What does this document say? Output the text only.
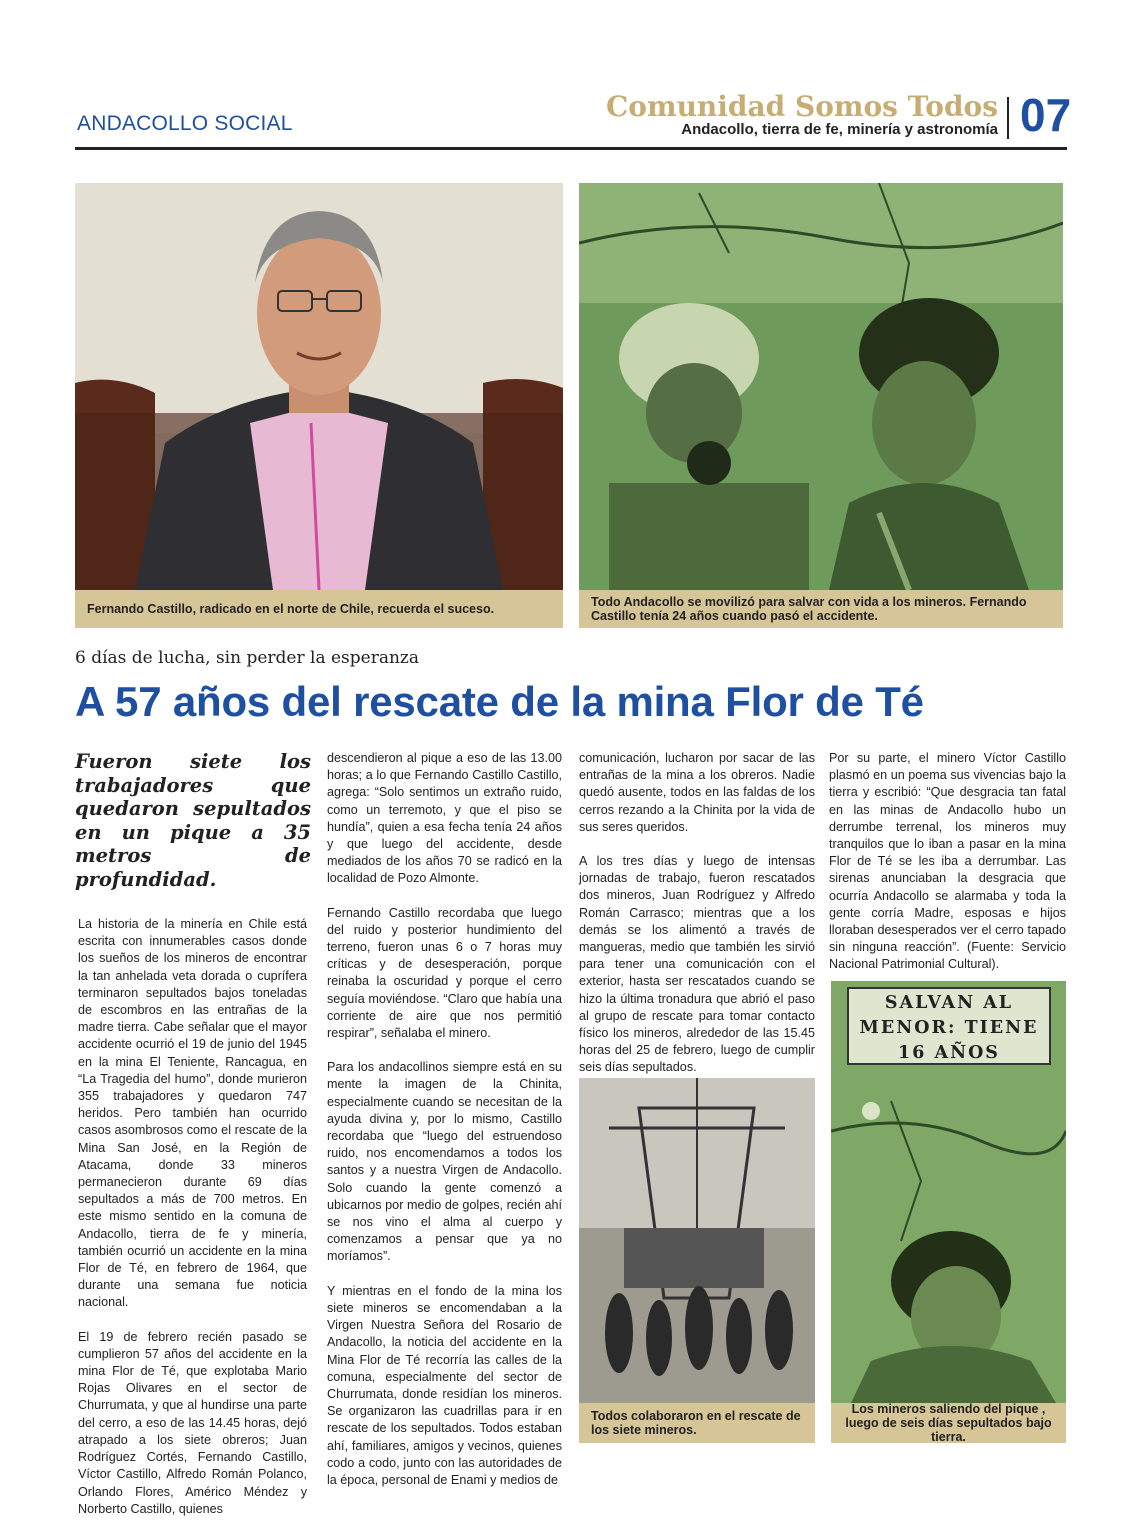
ANDACOLLO SOCIAL
Comunidad Somos Todos
Andacollo, tierra de fe, minería y astronomía 07
Fernando Castillo, radicado en el norte de Chile, recuerda el suceso.	Todo Andacollo se movilizó para salvar con vida a los mineros. Fernando Castillo tenía 24 años cuando pasó el accidente.
6 días de lucha, sin perder la esperanza
A 57 años del rescate de la mina Flor de Té
Fueron siete los trabajadores que quedaron sepultados en un pique a 35 metros de profundidad.

La historia de la minería en Chile está escrita con innumerables casos donde los sueños de los mineros de encontrar la tan anhelada veta dorada o cuprífera terminaron sepultados bajos toneladas de escombros en las entrañas de la madre tierra. Cabe señalar que el mayor accidente ocurrió el 19 de junio del 1945 en la mina El Teniente, Rancagua, en “La Tragedia del humo”, donde murieron 355 trabajadores y quedaron 747 heridos. Pero también han ocurrido casos asombrosos como el rescate de la Mina San José, en la Región de Atacama, donde 33 mineros permanecieron durante 69 días sepultados a más de 700 metros. En este mismo sentido en la comuna de Andacollo, tierra de fe y minería, también ocurrió un accidente en la mina Flor de Té, en febrero de 1964, que durante una semana fue noticia nacional.

El 19 de febrero recién pasado se cumplieron 57 años del accidente en la mina Flor de Té, que explotaba Mario Rojas Olivares en el sector de Churrumata, y que al hundirse una parte del cerro, a eso de las 14.45 horas, dejó atrapado a los siete obreros; Juan Rodríguez Cortés, Fernando Castillo, Víctor Castillo, Alfredo Román Polanco, Orlando Flores, Américo Méndez y Norberto Castillo, quienes

descendieron al pique a eso de las 13.00 horas; a lo que Fernando Castillo Castillo, agrega: “Solo sentimos un extraño ruido, como un terremoto, y que el piso se hundía”, quien a esa fecha tenía 24 años y que luego del accidente, desde mediados de los años 70 se radicó en la localidad de Pozo Almonte.

Fernando Castillo recordaba que luego del ruido y posterior hundimiento del terreno, fueron unas 6 o 7 horas muy críticas y de desesperación, porque reinaba la oscuridad y porque el cerro seguía moviéndose. “Claro que había una corriente de aire que nos permitió respirar”, señalaba el minero.

Para los andacollinos siempre está en su mente la imagen de la Chinita, especialmente cuando se necesitan de la ayuda divina y, por lo mismo, Castillo recordaba que “luego del estruendoso ruido, nos encomendamos a todos los santos y a nuestra Virgen de Andacollo. Solo cuando la gente comenzó a ubicarnos por medio de golpes, recién ahí se nos vino el alma al cuerpo y comenzamos a pensar que ya no moríamos”.

Y mientras en el fondo de la mina los siete mineros se encomendaban a la Virgen Nuestra Señora del Rosario de Andacollo, la noticia del accidente en la Mina Flor de Té recorría las calles de la comuna, especialmente del sector de Churrumata, donde residían los mineros. Se organizaron las cuadrillas para ir en rescate de los sepultados. Todos estaban ahí, familiares, amigos y vecinos, quienes codo a codo, junto con las autoridades de la época, personal de Enami y medios de

comunicación, lucharon por sacar de las entrañas de la mina a los obreros. Nadie quedó ausente, todos en las faldas de los cerros rezando a la Chinita por la vida de sus seres queridos.

A los tres días y luego de intensas jornadas de trabajo, fueron rescatados dos mineros, Juan Rodríguez y Alfredo Román Carrasco; mientras que a los demás se los alimentó a través de mangueras, medio que también les sirvió para tener una comunicación con el exterior, hasta ser rescatados cuando se hizo la última tronadura que abrió el paso al grupo de rescate para tomar contacto físico los mineros, alrededor de las 15.45 horas del 25 de febrero, luego de cumplir seis días sepultados.

Por su parte, el minero Víctor Castillo plasmó en un poema sus vivencias bajo la tierra y escribió: “Que desgracia tan fatal en las minas de Andacollo hubo un derrumbe terrenal, los mineros muy tranquilos que lo iban a pasar en la mina Flor de Té se les iba a derrumbar. Las sirenas anunciaban la desgracia que ocurría Andacollo se alarmaba y toda la gente corría Madre, esposas e hijos lloraban desesperados ver el cerro tapado sin ninguna reacción”. (Fuente: Servicio Nacional Patrimonial Cultural).

Todos colaboraron en el rescate de los siete mineros.
SALVAN AL
MENOR: TIENE
16 AÑOS
Los mineros saliendo del pique , luego de seis días sepultados bajo tierra.
